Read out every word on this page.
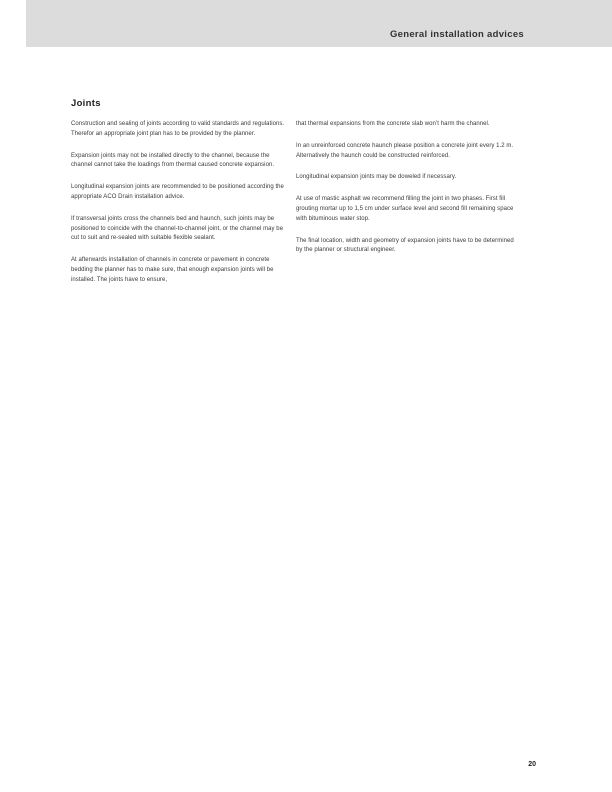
General installation advices
Joints

Construction and sealing of joints according to valid standards and regulations. Therefor an appropriate joint plan has to be provided by the planner.

Expansion joints may not be installed directly to the channel, because the channel cannot take the loadings from thermal caused concrete expansion.

Longitudinal expansion joints are recommended to be positioned according the appropriate ACO Drain installation advice.

If transversal joints cross the channels bed and haunch, such joints may be positioned to coincide with the channel-to-channel joint, or the channel may be cut to suit and re-sealed with suitable flexible sealant.

At afterwards installation of channels in concrete or pavement in concrete bedding the planner has to make sure, that enough expansion joints will be installed. The joints have to ensure,

that thermal expansions from the concrete slab won’t harm the channel.

In an unreinforced concrete haunch please position a concrete joint every 1.2 m. Alternatively the haunch could be constructed reinforced.

Longitudinal expansion joints may be doweled if necessary.

At use of mastic asphalt we recommend filling the joint in two phases. First fill grouting mortar up to 1,5 cm under surface level and second fill remaining space with bituminous water stop.

The final location, width and geometry of expansion joints have to be determined by the planner or structural engineer.

20
